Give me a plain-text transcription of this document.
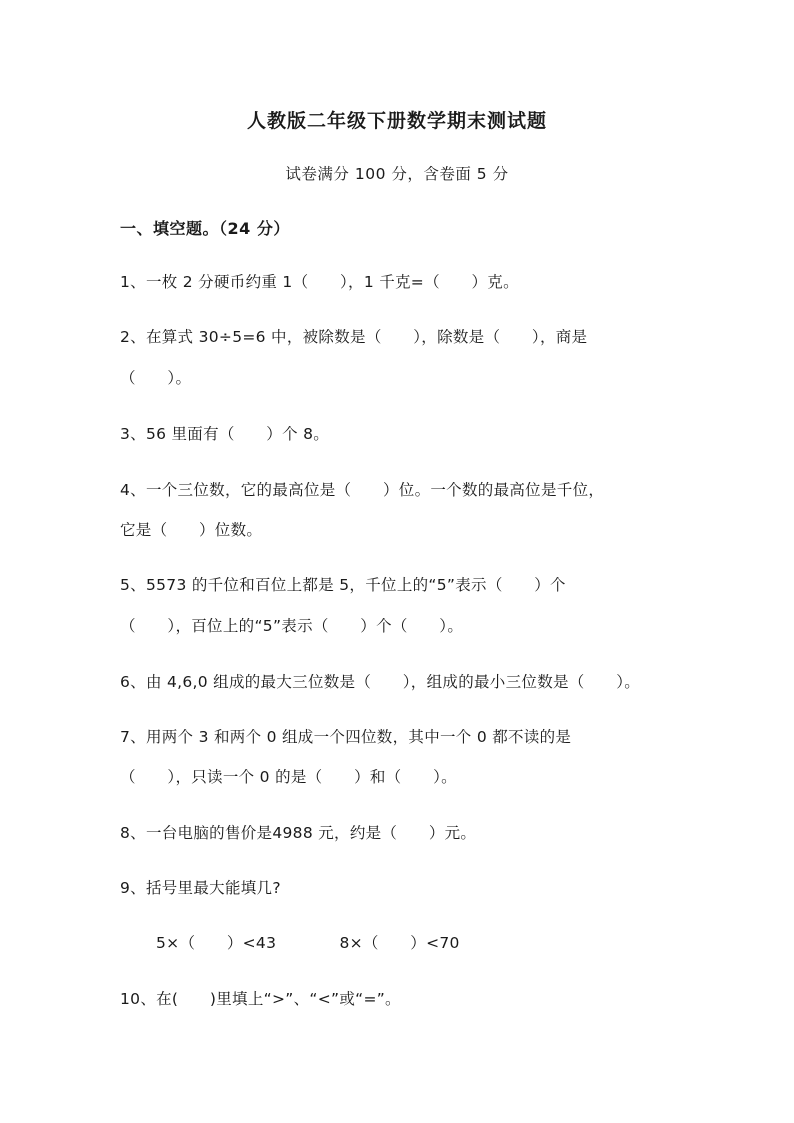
人教版二年级下册数学期末测试题
试卷满分 100 分，含卷面 5 分
一、填空题。（24 分）
1、一枚 2 分硬币约重 1（　　），1 千克=（　　）克。
2、在算式 30÷5=6 中，被除数是（　　），除数是（　　），商是
（　　）。
3、56 里面有（　　）个 8。
4、一个三位数，它的最高位是（　　）位。一个数的最高位是千位，
它是（　　）位数。
5、5573 的千位和百位上都是 5，千位上的“5”表示（　　）个
（　　），百位上的“5”表示（　　）个（　　）。
6、由 4,6,0 组成的最大三位数是（　　），组成的最小三位数是（　　）。
7、用两个 3 和两个 0 组成一个四位数，其中一个 0 都不读的是
（　　），只读一个 0 的是（　　）和（　　）。
8、一台电脑的售价是4988 元，约是（　　）元。
9、括号里最大能填几?
5×（　　）<43　　　　8×（　　）<70
10、在(　　)里填上“>”、“<”或“=”。
